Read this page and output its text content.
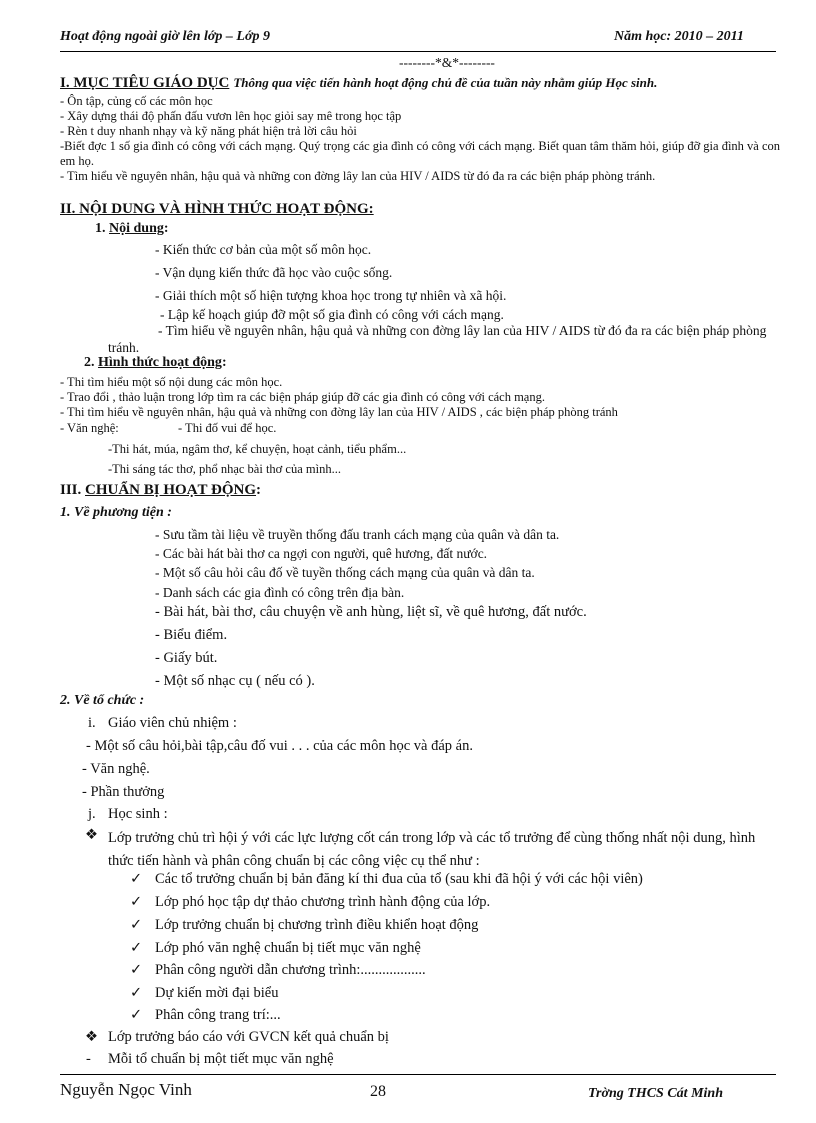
Hoạt động ngoài giờ lên lớp – Lớp 9	Năm học: 2010 – 2011
--------*&*--------
I. MỤC TIÊU GIÁO DỤC Thông qua việc tiến hành hoạt động chủ đề của tuần này nhằm giúp Học sinh.
- Ôn tập, củng cố các môn học
- Xây dựng thái độ phấn đấu vươn lên học giỏi say mê trong học tập
- Rèn t duy nhanh nhạy và kỹ năng phát hiện trả lời câu hỏi
-Biết đợc 1 số gia đình có công với cách mạng. Quý trọng các gia đình có công với cách mạng. Biết quan tâm thăm hỏi, giúp đỡ gia đình và con em họ.
- Tìm hiểu về nguyên nhân, hậu quả và những con đờng lây lan của HIV / AIDS từ đó đa ra các biện pháp phòng tránh.
II. NỘI DUNG VÀ HÌNH THỨC HOẠT ĐỘNG:
1. Nội dung:
- Kiến thức cơ bản của một số môn học.
- Vận dụng kiến thức đã học vào cuộc sống.
- Giải thích một số hiện tượng khoa học trong tự nhiên và xã hội.
- Lập kế hoạch giúp đỡ một số gia đình có công với cách mạng.
- Tìm hiểu về nguyên nhân, hậu quả và những con đờng lây lan của HIV / AIDS từ đó đa ra các biện pháp phòng tránh.
2. Hình thức hoạt động:
- Thi tìm hiểu một số nội dung các môn học.
- Trao đổi , thảo luận trong lớp tìm ra các biện pháp giúp đỡ các gia đình có công với cách mạng.
- Thi tìm hiểu về nguyên nhân, hậu quả và những con đờng lây lan của HIV / AIDS , các biện pháp phòng tránh
- Văn nghệ:	- Thi đố vui để học.
-Thi hát, múa, ngâm thơ, kể chuyện, hoạt cảnh, tiểu phẩm...
-Thi sáng tác thơ, phổ nhạc bài thơ của mình...
III. CHUẨN BỊ HOẠT ĐỘNG:
1. Về phương tiện :
- Sưu tầm tài liệu về truyền thống đấu tranh cách mạng của quân và dân ta.
- Các bài hát bài thơ ca ngợi con người, quê hương, đất nước.
- Một số câu hỏi câu đố về tuyền thống cách mạng của quân và dân ta.
- Danh sách các gia đình có công trên địa bàn.
- Bài hát, bài thơ, câu chuyện về anh hùng, liệt sĩ, về quê hương, đất nước.
- Biểu điểm.
- Giấy bút.
- Một số nhạc cụ ( nếu có ).
2. Về tổ chức :
i. Giáo viên chủ nhiệm :
- Một số câu hỏi,bài tập,câu đố vui . . . của các môn học và đáp án.
- Văn nghệ.
- Phần thưởng
j. Học sinh :
❖ Lớp trưởng chủ trì hội ý với các lực lượng cốt cán trong lớp và các tổ trưởng để cùng thống nhất nội dung, hình thức tiến hành và phân công chuẩn bị các công việc cụ thể như :
✓ Các tổ trưởng chuẩn bị bản đăng kí thi đua của tổ (sau khi đã hội ý với các hội viên)
✓ Lớp phó học tập dự thảo chương trình hành động của lớp.
✓ Lớp trưởng chuẩn bị chương trình điều khiển hoạt động
✓ Lớp phó văn nghệ chuẩn bị tiết mục văn nghệ
✓ Phân công người dẫn chương trình:..................
✓ Dự kiến mời đại biểu
✓ Phân công trang trí:...
❖ Lớp trưởng báo cáo với GVCN kết quả chuẩn bị
- Mỗi tổ chuẩn bị một tiết mục văn nghệ
Nguyễn Ngọc Vinh	28	Trờng THCS Cát Minh
